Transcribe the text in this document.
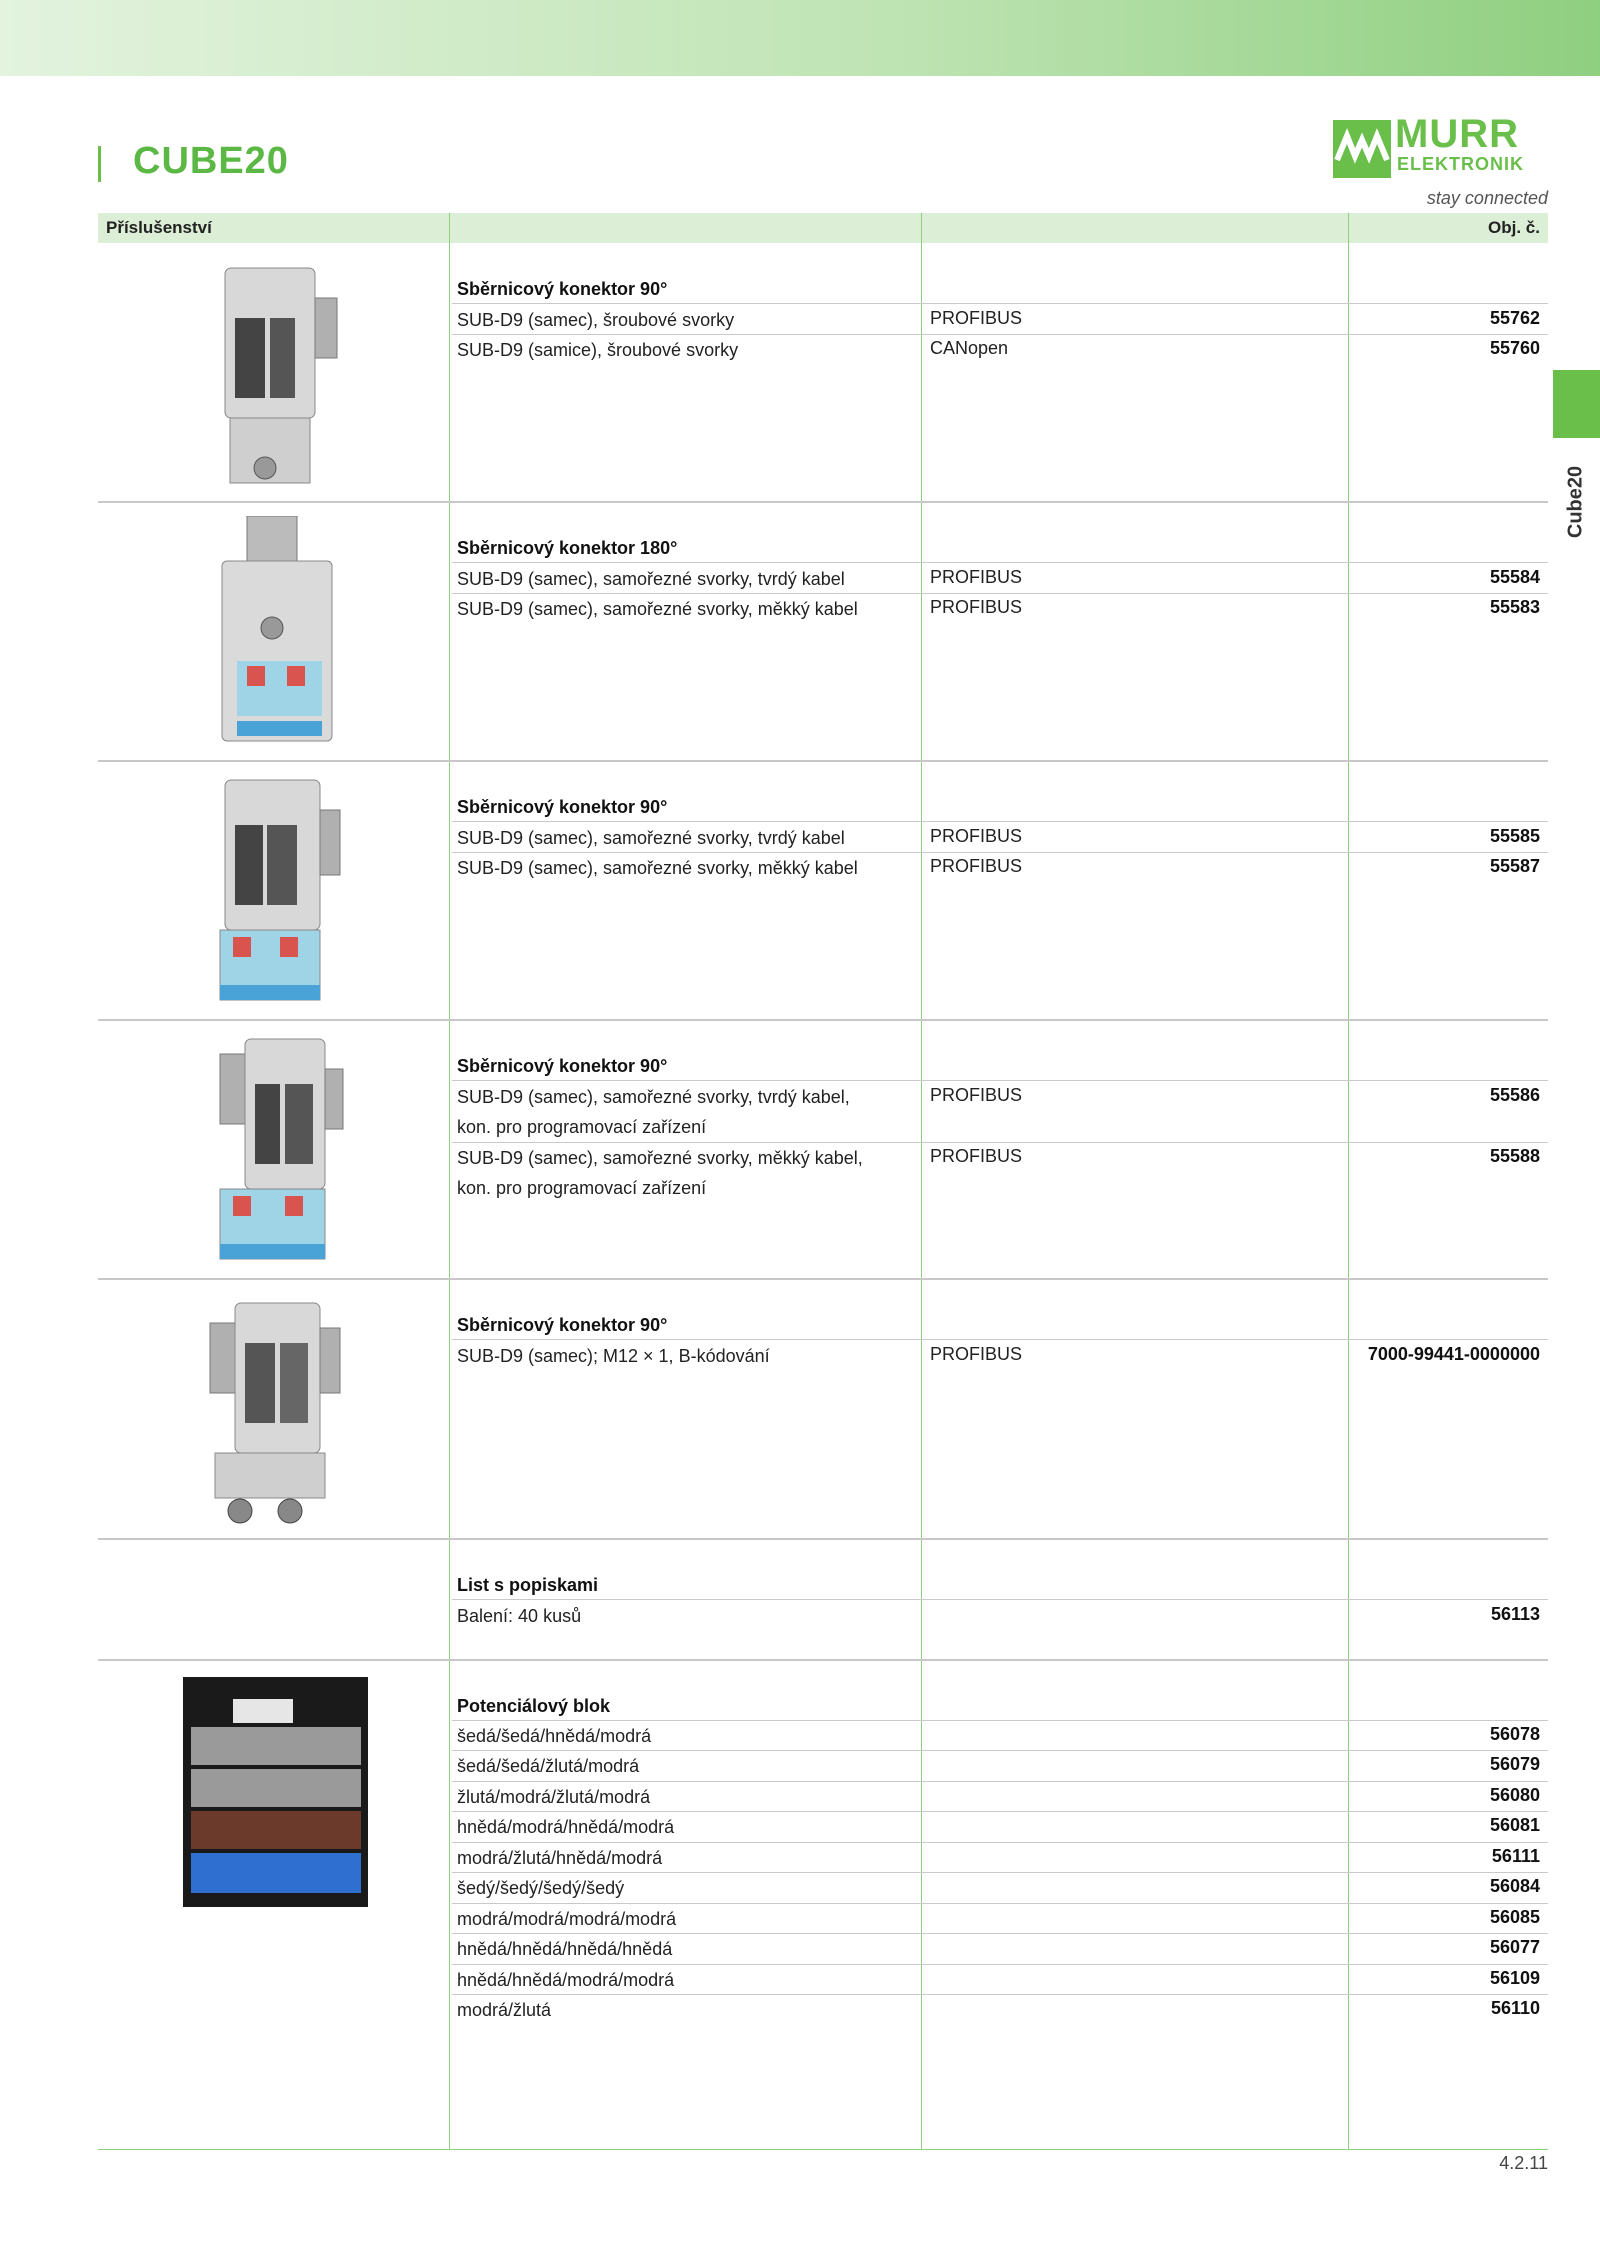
CUBE20
MURR
ELEKTRONIK
stay connected
Cube20
Příslušenství	Obj. č.
Sběrnicový konektor 90°
SUB-D9 (samec), šroubové svorky	PROFIBUS	55762
SUB-D9 (samice), šroubové svorky	CANopen	55760
Sběrnicový konektor 180°
SUB-D9 (samec), samořezné svorky, tvrdý kabel	PROFIBUS	55584
SUB-D9 (samec), samořezné svorky, měkký kabel	PROFIBUS	55583
Sběrnicový konektor 90°
SUB-D9 (samec), samořezné svorky, tvrdý kabel	PROFIBUS	55585
SUB-D9 (samec), samořezné svorky, měkký kabel	PROFIBUS	55587
Sběrnicový konektor 90°
SUB-D9 (samec), samořezné svorky, tvrdý kabel, kon. pro programovací zařízení
PROFIBUS	55586
SUB-D9 (samec), samořezné svorky, měkký kabel, kon. pro programovací zařízení
PROFIBUS	55588
Sběrnicový konektor 90°
SUB-D9 (samec); M12 × 1, B-kódování	PROFIBUS	7000-99441-0000000
List s popiskami
Balení: 40 kusů	56113
Potenciálový blok
šedá/šedá/hnědá/modrá	56078
šedá/šedá/žlutá/modrá	56079
žlutá/modrá/žlutá/modrá	56080
hnědá/modrá/hnědá/modrá	56081
modrá/žlutá/hnědá/modrá	56111
šedý/šedý/šedý/šedý	56084
modrá/modrá/modrá/modrá	56085
hnědá/hnědá/hnědá/hnědá	56077
hnědá/hnědá/modrá/modrá	56109
modrá/žlutá	56110
4.2.11
